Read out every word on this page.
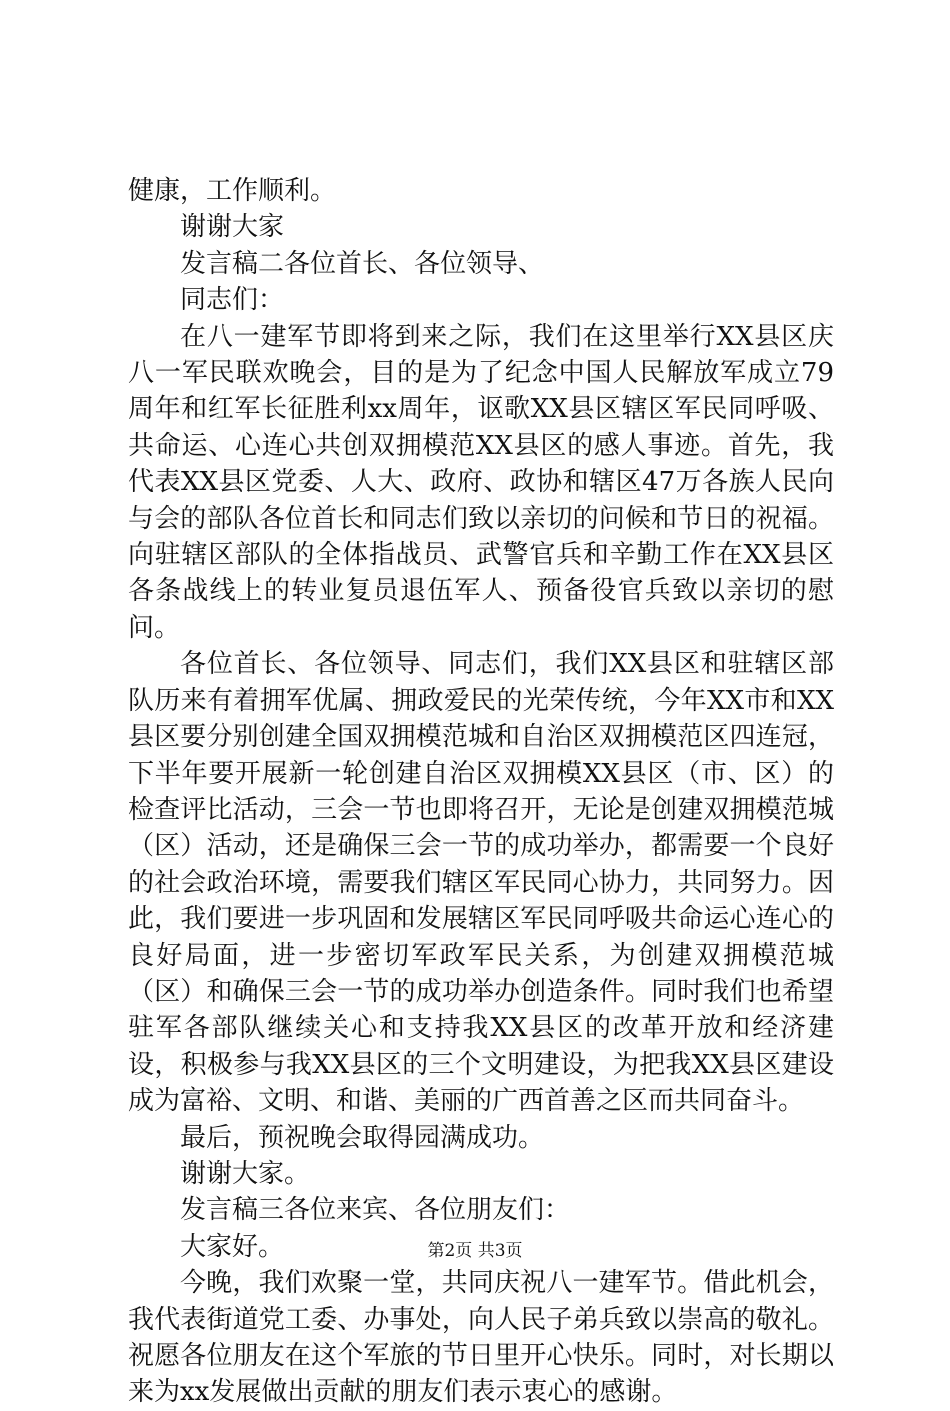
健康，工作顺利。

谢谢大家

发言稿二各位首长、各位领导、

同志们：

在八一建军节即将到来之际，我们在这里举行XX县区庆八一军民联欢晚会，目的是为了纪念中国人民解放军成立79周年和红军长征胜利xx周年，讴歌XX县区辖区军民同呼吸、共命运、心连心共创双拥模范XX县区的感人事迹。首先，我代表XX县区党委、人大、政府、政协和辖区47万各族人民向与会的部队各位首长和同志们致以亲切的问候和节日的祝福。向驻辖区部队的全体指战员、武警官兵和辛勤工作在XX县区各条战线上的转业复员退伍军人、预备役官兵致以亲切的慰问。

各位首长、各位领导、同志们，我们XX县区和驻辖区部队历来有着拥军优属、拥政爱民的光荣传统，今年XX市和XX县区要分别创建全国双拥模范城和自治区双拥模范区四连冠，下半年要开展新一轮创建自治区双拥模XX县区（市、区）的检查评比活动，三会一节也即将召开，无论是创建双拥模范城（区）活动，还是确保三会一节的成功举办，都需要一个良好的社会政治环境，需要我们辖区军民同心协力，共同努力。因此，我们要进一步巩固和发展辖区军民同呼吸共命运心连心的良好局面，进一步密切军政军民关系，为创建双拥模范城（区）和确保三会一节的成功举办创造条件。同时我们也希望驻军各部队继续关心和支持我XX县区的改革开放和经济建设，积极参与我XX县区的三个文明建设，为把我XX县区建设成为富裕、文明、和谐、美丽的广西首善之区而共同奋斗。

最后，预祝晚会取得园满成功。

谢谢大家。

发言稿三各位来宾、各位朋友们：

大家好。

今晚，我们欢聚一堂，共同庆祝八一建军节。借此机会，我代表街道党工委、办事处，向人民子弟兵致以崇高的敬礼。祝愿各位朋友在这个军旅的节日里开心快乐。同时，对长期以来为xx发展做出贡献的朋友们表示衷心的感谢。

第2页 共3页
